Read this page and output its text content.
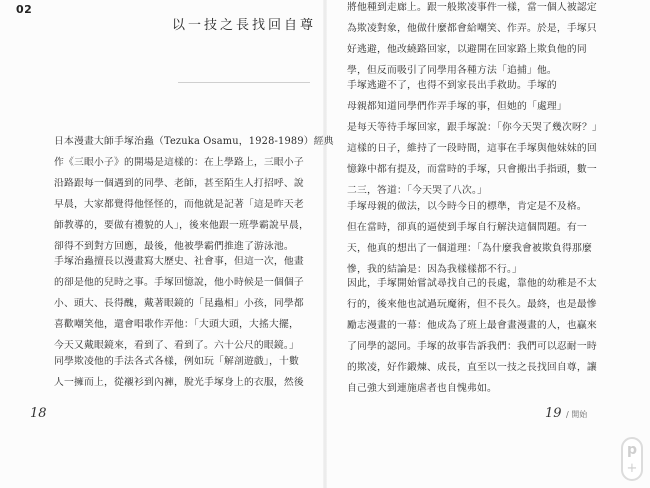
02
以一技之長找回自尊
日本漫畫大師手塚治蟲（Tezuka Osamu，1928-1989）經典
作《三眼小子》的開場是這樣的：在上學路上，三眼小子
沿路跟每一個遇到的同學、老師，甚至陌生人打招呼、說
早晨，大家都覺得他怪怪的，而他就是記著「這是昨天老
師教導的，要做有禮貌的人」，後來他跟一班學霸說早晨，
卻得不到對方回應，最後，他被學霸們推進了游泳池。
手塚治蟲擅長以漫畫寫大歷史、社會事，但這一次，他畫
的卻是他的兒時之事。手塚回憶說，他小時候是一個個子
小、頭大、長得醜，戴著眼鏡的「昆蟲相」小孩，同學都
喜歡嘲笑他，還會唱歌作弄他：「大頭大頭，大搖大擺，
今天又戴眼鏡來，看到了、看到了。六十公尺的眼鏡。」
同學欺凌他的手法各式各樣，例如玩「解剖遊戲」，十數
人一擁而上，從襯衫到內褲，脫光手塚身上的衣服，然後
18
將他種到走廊上。跟一般欺凌事件一樣，當一個人被認定
為欺凌對象，他做什麼都會給嘲笑、作弄。於是，手塚只
好逃避，他改繞路回家，以避開在回家路上欺負他的同
學，但反而吸引了同學用各種方法「追捕」他。
手塚逃避不了，也得不到家長出手救助。手塚的
母親都知道同學們作弄手塚的事，但她的「處理」
是每天等待手塚回家，跟手塚說：「你今天哭了幾次呀？」
這樣的日子，維持了一段時間，這事在手塚與他妹妹的回
憶錄中都有提及，而當時的手塚，只會搬出手指頭，數一
二三，答道：「今天哭了八次。」
手塚母親的做法，以今時今日的標準，肯定是不及格。
但在當時，卻真的逼使到手塚自行解決這個問題。有一
天，他真的想出了一個道理：「為什麼我會被欺負得那麼
慘，我的結論是：因為我樣樣都不行。」
因此，手塚開始嘗試尋找自己的長處，靠他的幼稚是不太
行的，後來他也試過玩魔術，但不長久。最終，也是最慘
勵志漫畫的一幕：他成為了班上最會畫漫畫的人，也贏來
了同學的認同。手塚的故事告訴我們：我們可以忍耐一時
的欺凌，好作鍛煉、成長，直至以一技之長找回自尊，讓
自己強大到連施虐者也自愧弗如。
19 / 開始
p
+
